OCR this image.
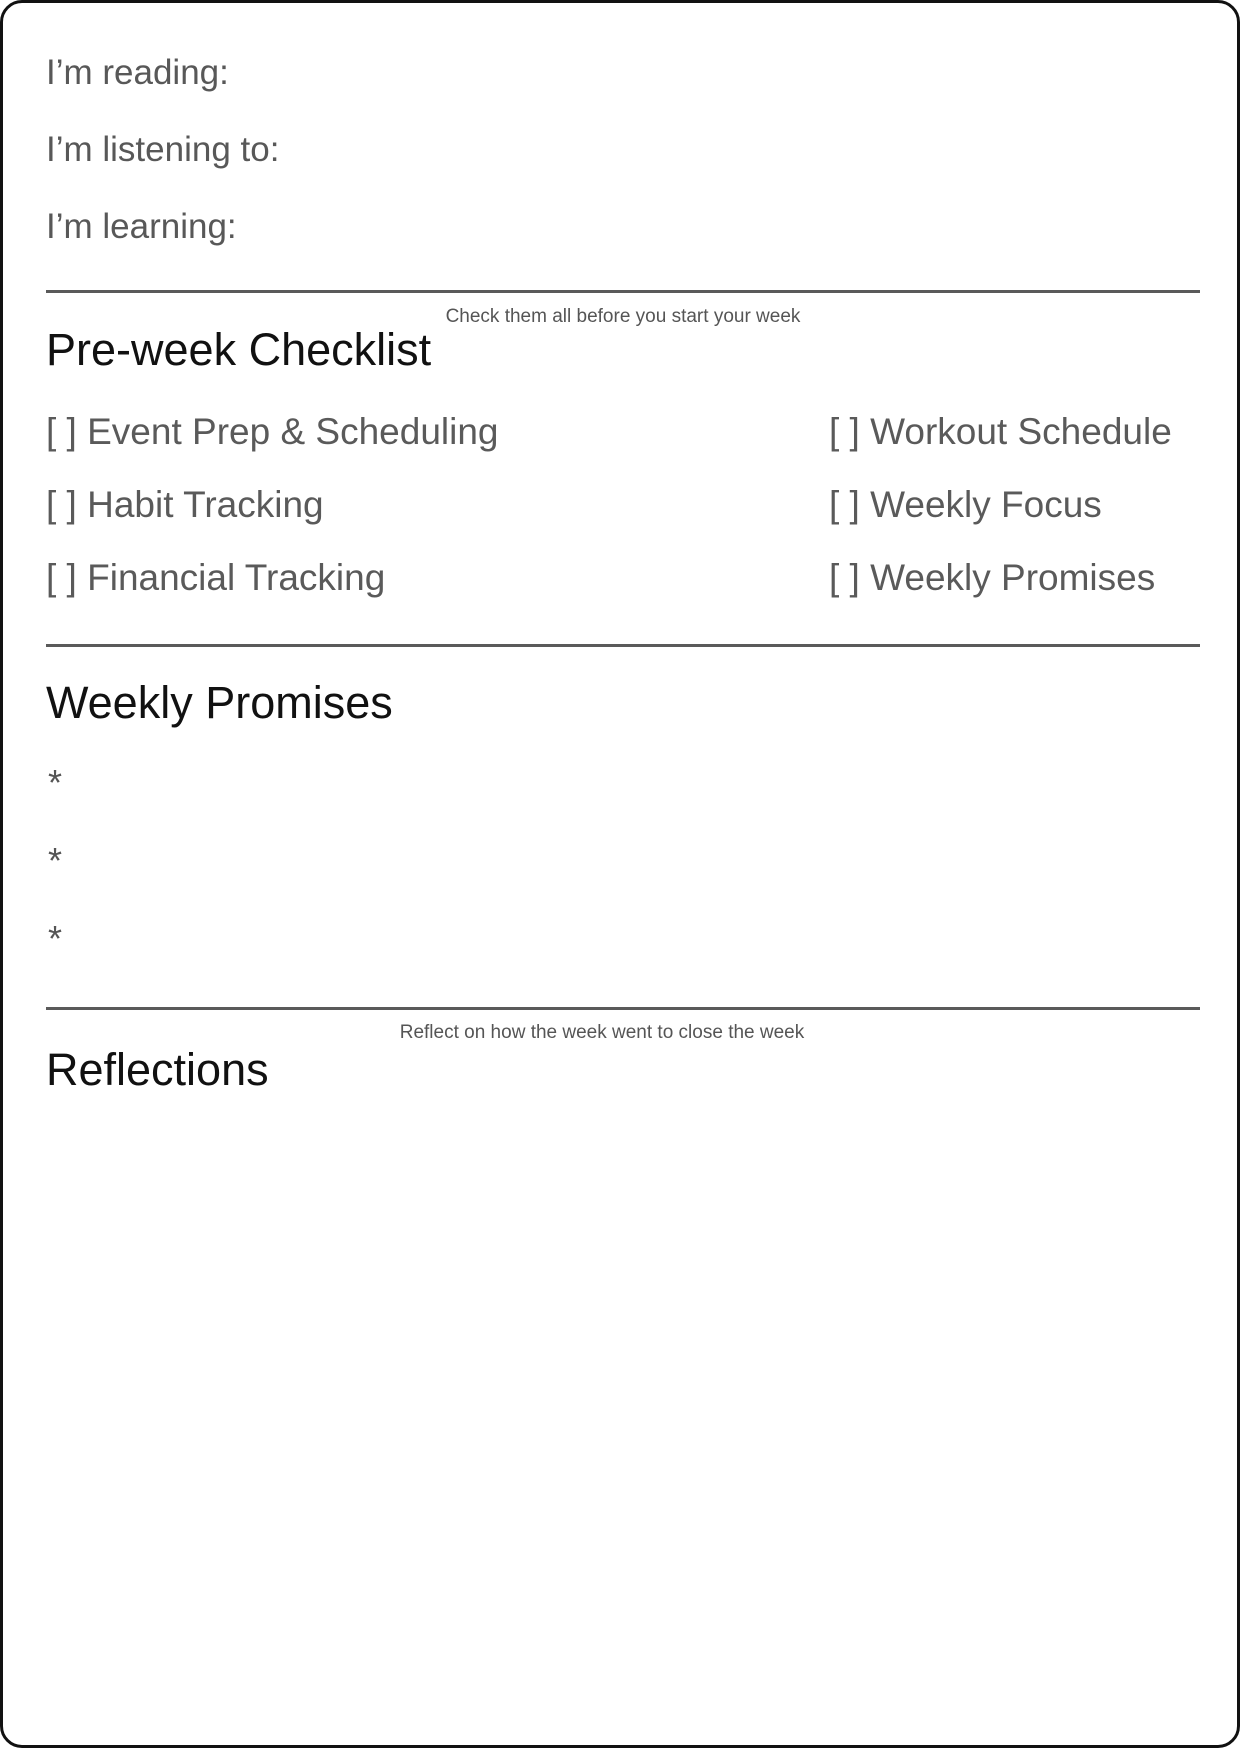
I’m reading:
I’m listening to:
I’m learning:
Check them all before you start your week
Pre-week Checklist
[ ] Event Prep & Scheduling
[ ] Habit Tracking
[ ] Financial Tracking
[ ] Workout Schedule
[ ] Weekly Focus
[ ] Weekly Promises
Weekly Promises
*
*
*
Reflect on how the week went to close the week
Reflections
